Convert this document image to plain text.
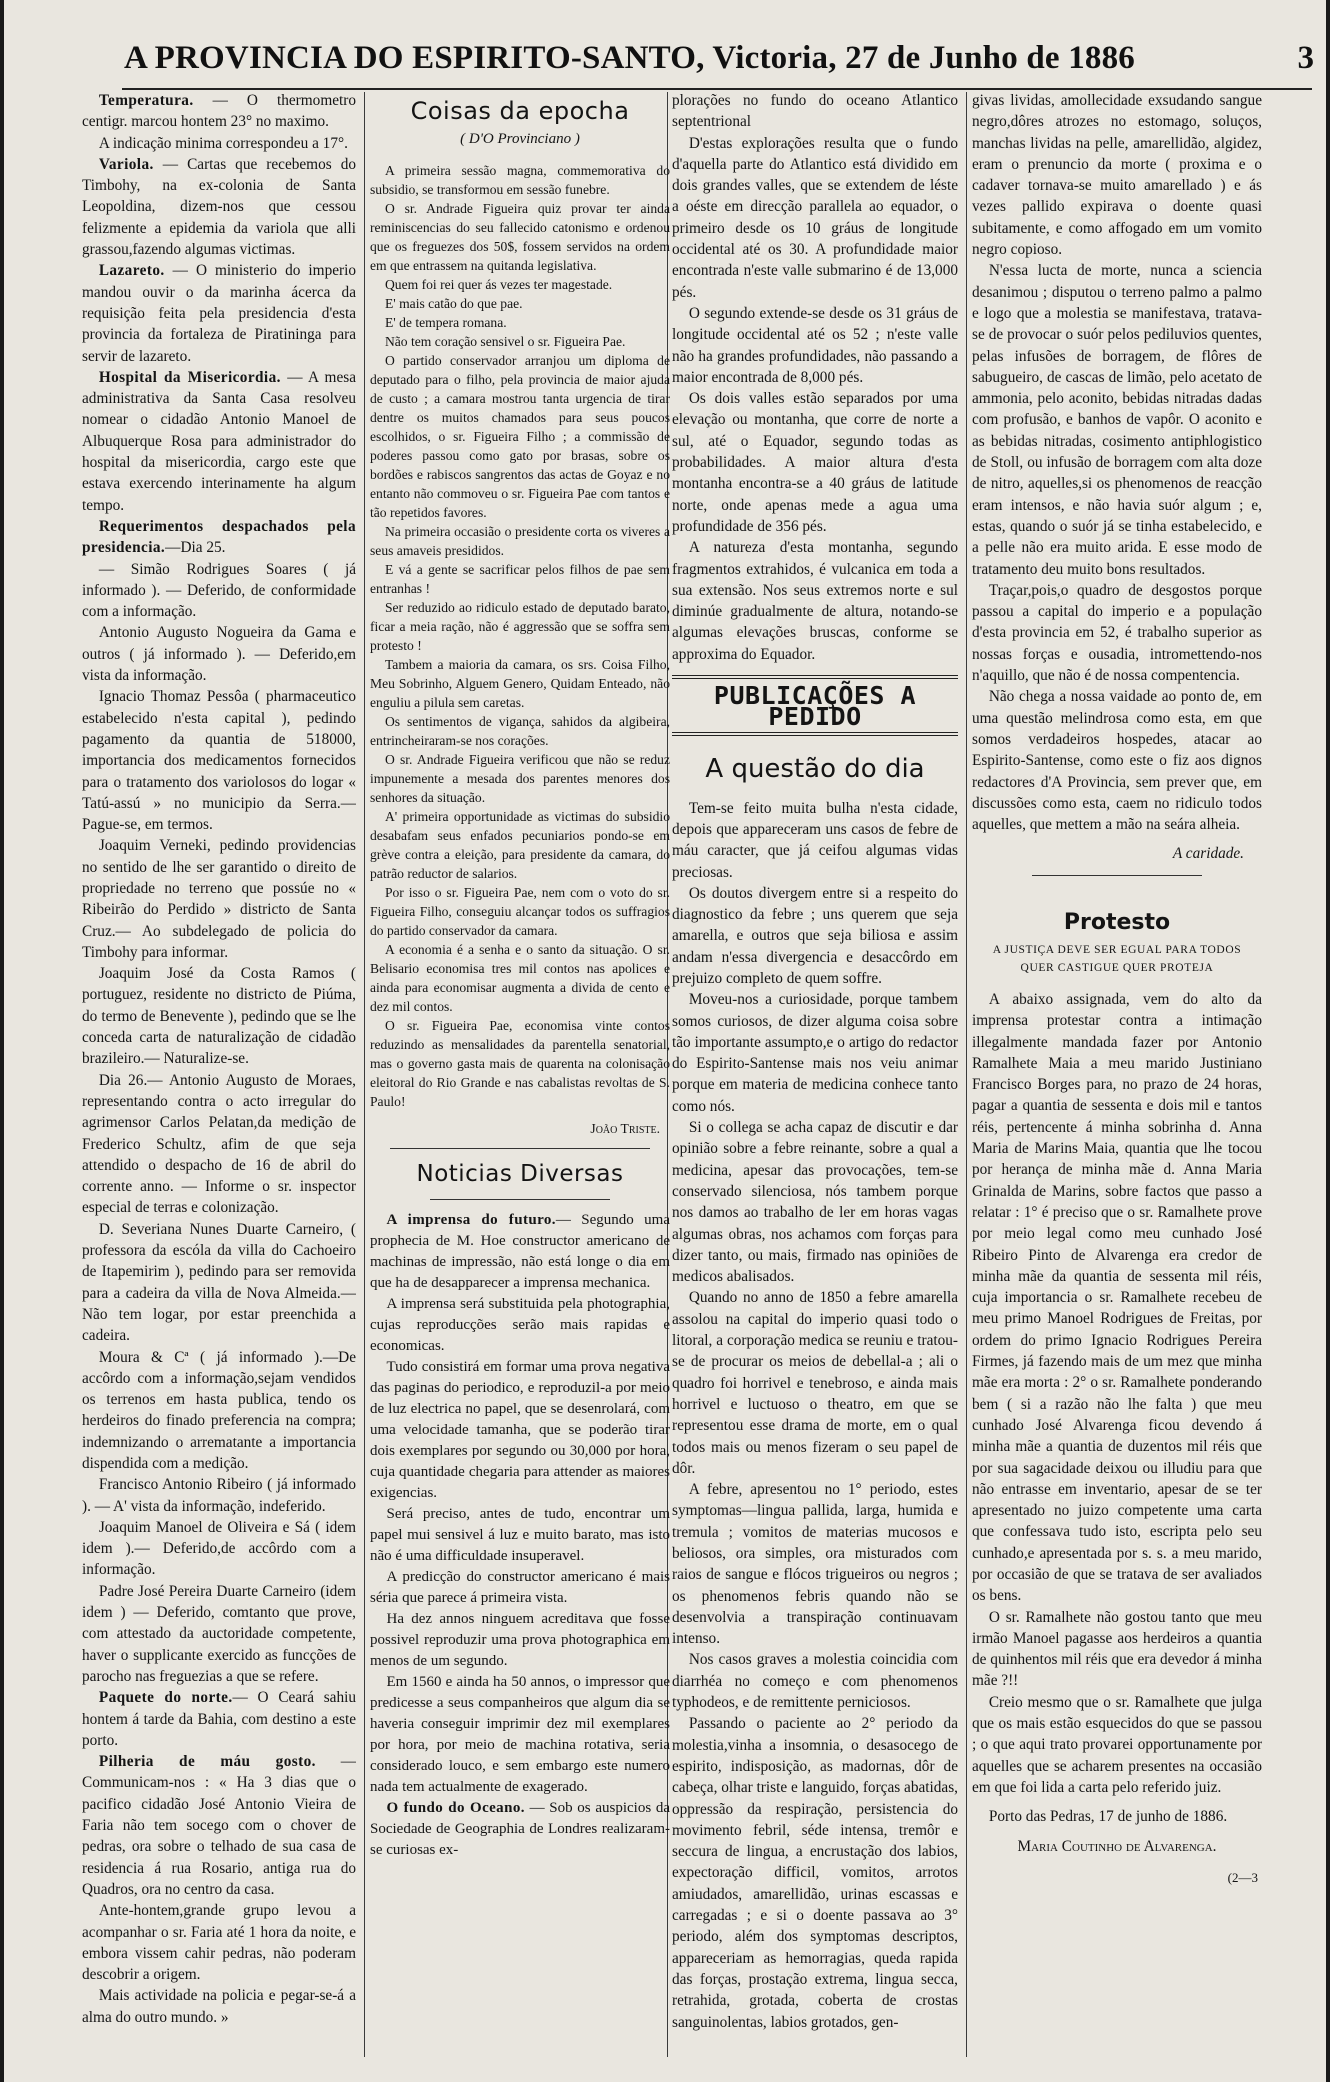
A PROVINCIA DO ESPIRITO-SANTO, Victoria, 27 de Junho de 1886	3

Temperatura. — O thermometro centigr. marcou hontem 23° no maximo.

A indicação minima correspondeu a 17°.

Variola. — Cartas que recebemos do Timbohy, na ex-colonia de Santa Leopoldina, dizem-nos que cessou felizmente a epidemia da variola que alli grassou,fazendo algumas victimas.

Lazareto. — O ministerio do imperio mandou ouvir o da marinha ácerca da requisição feita pela presidencia d'esta provincia da fortaleza de Piratininga para servir de lazareto.

Hospital da Misericordia. — A mesa administrativa da Santa Casa resolveu nomear o cidadão Antonio Manoel de Albuquerque Rosa para administrador do hospital da misericordia, cargo este que estava exercendo interinamente ha algum tempo.

Requerimentos despachados pela presidencia.—Dia 25.

— Simão Rodrigues Soares ( já informado ). — Deferido, de conformidade com a informação.

Antonio Augusto Nogueira da Gama e outros ( já informado ). — Deferido,em vista da informação.

Ignacio Thomaz Pessôa ( pharmaceutico estabelecido n'esta capital ), pedindo pagamento da quantia de 518000, importancia dos medicamentos fornecidos para o tratamento dos variolosos do logar « Tatú-assú » no municipio da Serra.— Pague-se, em termos.

Joaquim Verneki, pedindo providencias no sentido de lhe ser garantido o direito de propriedade no terreno que possúe no « Ribeirão do Perdido » districto de Santa Cruz.— Ao subdelegado de policia do Timbohy para informar.

Joaquim José da Costa Ramos ( portuguez, residente no districto de Piúma, do termo de Benevente ), pedindo que se lhe conceda carta de naturalização de cidadão brazileiro.— Naturalize-se.

Dia 26.— Antonio Augusto de Moraes, representando contra o acto irregular do agrimensor Carlos Pelatan,da medição de Frederico Schultz, afim de que seja attendido o despacho de 16 de abril do corrente anno. — Informe o sr. inspector especial de terras e colonização.

D. Severiana Nunes Duarte Carneiro, ( professora da escóla da villa do Cachoeiro de Itapemirim ), pedindo para ser removida para a cadeira da villa de Nova Almeida.—Não tem logar, por estar preenchida a cadeira.

Moura & Cª ( já informado ).—De accôrdo com a informação,sejam vendidos os terrenos em hasta publica, tendo os herdeiros do finado preferencia na compra; indemnizando o arrematante a importancia dispendida com a medição.

Francisco Antonio Ribeiro ( já informado ). — A' vista da informação, indeferido.

Joaquim Manoel de Oliveira e Sá ( idem idem ).— Deferido,de accôrdo com a informação.

Padre José Pereira Duarte Carneiro (idem idem ) — Deferido, comtanto que prove, com attestado da auctoridade competente, haver o supplicante exercido as funcções de parocho nas freguezias a que se refere.

Paquete do norte.— O Ceará sahiu hontem á tarde da Bahia, com destino a este porto.

Pilheria de máu gosto. — Communicam-nos : « Ha 3 dias que o pacifico cidadão José Antonio Vieira de Faria não tem socego com o chover de pedras, ora sobre o telhado de sua casa de residencia á rua Rosario, antiga rua do Quadros, ora no centro da casa.

Ante-hontem,grande grupo levou a acompanhar o sr. Faria até 1 hora da noite, e embora vissem cahir pedras, não poderam descobrir a origem.

Mais actividade na policia e pegar-se-á a alma do outro mundo. »

Coisas da epocha
( D'O Provinciano )

A primeira sessão magna, commemorativa do subsidio, se transformou em sessão funebre.

O sr. Andrade Figueira quiz provar ter ainda reminiscencias do seu fallecido catonismo e ordenou que os freguezes dos 50$, fossem servidos na ordem em que entrassem na quitanda legislativa.

Quem foi rei quer ás vezes ter magestade.

E' mais catão do que pae.

E' de tempera romana.

Não tem coração sensivel o sr. Figueira Pae.

O partido conservador arranjou um diploma de deputado para o filho, pela provincia de maior ajuda de custo ; a camara mostrou tanta urgencia de tirar dentre os muitos chamados para seus poucos escolhidos, o sr. Figueira Filho ; a commissão de poderes passou como gato por brasas, sobre os bordões e rabiscos sangrentos das actas de Goyaz e no entanto não commoveu o sr. Figueira Pae com tantos e tão repetidos favores.

Na primeira occasião o presidente corta os viveres a seus amaveis presididos.

E vá a gente se sacrificar pelos filhos de pae sem entranhas !

Ser reduzido ao ridiculo estado de deputado barato, ficar a meia ração, não é aggressão que se soffra sem protesto !

Tambem a maioria da camara, os srs. Coisa Filho, Meu Sobrinho, Alguem Genero, Quidam Enteado, não enguliu a pilula sem caretas.

Os sentimentos de vigança, sahidos da algibeira, entrincheiraram-se nos corações.

O sr. Andrade Figueira verificou que não se reduz impunemente a mesada dos parentes menores dos senhores da situação.

A' primeira opportunidade as victimas do subsidio desabafam seus enfados pecuniarios pondo-se em grève contra a eleição, para presidente da camara, do patrão reductor de salarios.

Por isso o sr. Figueira Pae, nem com o voto do sr. Figueira Filho, conseguiu alcançar todos os suffragios do partido conservador da camara.

A economia é a senha e o santo da situação. O sr. Belisario economisa tres mil contos nas apolices e ainda para economisar augmenta a divida de cento e dez mil contos.

O sr. Figueira Pae, economisa vinte contos reduzindo as mensalidades da parentella senatorial, mas o governo gasta mais de quarenta na colonisação eleitoral do Rio Grande e nas cabalistas revoltas de S. Paulo!

João Triste.
Noticias Diversas

A imprensa do futuro.— Segundo uma prophecia de M. Hoe constructor americano de machinas de impressão, não está longe o dia em que ha de desapparecer a imprensa mechanica.

A imprensa será substituida pela photographia, cujas reproducções serão mais rapidas e economicas.

Tudo consistirá em formar uma prova negativa das paginas do periodico, e reproduzil-a por meio de luz electrica no papel, que se desenrolará, com uma velocidade tamanha, que se poderão tirar dois exemplares por segundo ou 30,000 por hora, cuja quantidade chegaria para attender as maiores exigencias.

Será preciso, antes de tudo, encontrar um papel mui sensivel á luz e muito barato, mas isto não é uma difficuldade insuperavel.

A predicção do constructor americano é mais séria que parece á primeira vista.

Ha dez annos ninguem acreditava que fosse possivel reproduzir uma prova photographica em menos de um segundo.

Em 1560 e ainda ha 50 annos, o impressor que predicesse a seus companheiros que algum dia se haveria conseguir imprimir dez mil exemplares por hora, por meio de machina rotativa, seria considerado louco, e sem embargo este numero nada tem actualmente de exagerado.

O fundo do Oceano. — Sob os auspicios da Sociedade de Geographia de Londres realizaram-se curiosas ex-

plorações no fundo do oceano Atlantico septentrional

D'estas explorações resulta que o fundo d'aquella parte do Atlantico está dividido em dois grandes valles, que se extendem de léste a oéste em direcção parallela ao equador, o primeiro desde os 10 gráus de longitude occidental até os 30. A profundidade maior encontrada n'este valle submarino é de 13,000 pés.

O segundo extende-se desde os 31 gráus de longitude occidental até os 52 ; n'este valle não ha grandes profundidades, não passando a maior encontrada de 8,000 pés.

Os dois valles estão separados por uma elevação ou montanha, que corre de norte a sul, até o Equador, segundo todas as probabilidades. A maior altura d'esta montanha encontra-se a 40 gráus de latitude norte, onde apenas mede a agua uma profundidade de 356 pés.

A natureza d'esta montanha, segundo fragmentos extrahidos, é vulcanica em toda a sua extensão. Nos seus extremos norte e sul diminúe gradualmente de altura, notando-se algumas elevações bruscas, conforme se approxima do Equador.

PUBLICAÇÕES A PEDIDO
A questão do dia

Tem-se feito muita bulha n'esta cidade, depois que appareceram uns casos de febre de máu caracter, que já ceifou algumas vidas preciosas.

Os doutos divergem entre si a respeito do diagnostico da febre ; uns querem que seja amarella, e outros que seja biliosa e assim andam n'essa divergencia e desaccôrdo em prejuizo completo de quem soffre.

Moveu-nos a curiosidade, porque tambem somos curiosos, de dizer alguma coisa sobre tão importante assumpto,e o artigo do redactor do Espirito-Santense mais nos veiu animar porque em materia de medicina conhece tanto como nós.

Si o collega se acha capaz de discutir e dar opinião sobre a febre reinante, sobre a qual a medicina, apesar das provocações, tem-se conservado silenciosa, nós tambem porque nos damos ao trabalho de ler em horas vagas algumas obras, nos achamos com forças para dizer tanto, ou mais, firmado nas opiniões de medicos abalisados.

Quando no anno de 1850 a febre amarella assolou na capital do imperio quasi todo o litoral, a corporação medica se reuniu e tratou-se de procurar os meios de debellal-a ; ali o quadro foi horrivel e tenebroso, e ainda mais horrivel e luctuoso o theatro, em que se representou esse drama de morte, em o qual todos mais ou menos fizeram o seu papel de dôr.

A febre, apresentou no 1° periodo, estes symptomas—lingua pallida, larga, humida e tremula ; vomitos de materias mucosos e beliosos, ora simples, ora misturados com raios de sangue e flócos trigueiros ou negros ; os phenomenos febris quando não se desenvolvia a transpiração continuavam intenso.

Nos casos graves a molestia coincidia com diarrhéa no começo e com phenomenos typhodeos, e de remittente perniciosos.

Passando o paciente ao 2° periodo da molestia,vinha a insomnia, o desasocego de espirito, indisposição, as madornas, dôr de cabeça, olhar triste e languido, forças abatidas, oppressão da respiração, persistencia do movimento febril, séde intensa, tremôr e seccura de lingua, a encrustação dos labios, expectoração difficil, vomitos, arrotos amiudados, amarellidão, urinas escassas e carregadas ; e si o doente passava ao 3° periodo, além dos symptomas descriptos, appareceriam as hemorragias, queda rapida das forças, prostação extrema, lingua secca, retrahida, grotada, coberta de crostas sanguinolentas, labios grotados, gen-

givas lividas, amollecidade exsudando sangue negro,dôres atrozes no estomago, soluços, manchas lividas na pelle, amarellidão, algidez, eram o prenuncio da morte ( proxima e o cadaver tornava-se muito amarellado ) e ás vezes pallido expirava o doente quasi subitamente, e como affogado em um vomito negro copioso.

N'essa lucta de morte, nunca a sciencia desanimou ; disputou o terreno palmo a palmo e logo que a molestia se manifestava, tratava-se de provocar o suór pelos pediluvios quentes, pelas infusões de borragem, de flôres de sabugueiro, de cascas de limão, pelo acetato de ammonia, pelo aconito, bebidas nitradas dadas com profusão, e banhos de vapôr. O aconito e as bebidas nitradas, cosimento antiphlogistico de Stoll, ou infusão de borragem com alta doze de nitro, aquelles,si os phenomenos de reacção eram intensos, e não havia suór algum ; e, estas, quando o suór já se tinha estabelecido, e a pelle não era muito arida. E esse modo de tratamento deu muito bons resultados.

Traçar,pois,o quadro de desgostos porque passou a capital do imperio e a população d'esta provincia em 52, é trabalho superior as nossas forças e ousadia, intromettendo-nos n'aquillo, que não é de nossa compentencia.

Não chega a nossa vaidade ao ponto de, em uma questão melindrosa como esta, em que somos verdadeiros hospedes, atacar ao Espirito-Santense, como este o fiz aos dignos redactores d'A Provincia, sem prever que, em discussões como esta, caem no ridiculo todos aquelles, que mettem a mão na seára alheia.

A caridade.
Protesto
A JUSTIÇA DEVE SER EGUAL PARA TODOS
QUER CASTIGUE QUER PROTEJA

A abaixo assignada, vem do alto da imprensa protestar contra a intimação illegalmente mandada fazer por Antonio Ramalhete Maia a meu marido Justiniano Francisco Borges para, no prazo de 24 horas, pagar a quantia de sessenta e dois mil e tantos réis, pertencente á minha sobrinha d. Anna Maria de Marins Maia, quantia que lhe tocou por herança de minha mãe d. Anna Maria Grinalda de Marins, sobre factos que passo a relatar : 1° é preciso que o sr. Ramalhete prove por meio legal como meu cunhado José Ribeiro Pinto de Alvarenga era credor de minha mãe da quantia de sessenta mil réis, cuja importancia o sr. Ramalhete recebeu de meu primo Manoel Rodrigues de Freitas, por ordem do primo Ignacio Rodrigues Pereira Firmes, já fazendo mais de um mez que minha mãe era morta : 2° o sr. Ramalhete ponderando bem ( si a razão não lhe falta ) que meu cunhado José Alvarenga ficou devendo á minha mãe a quantia de duzentos mil réis que por sua sagacidade deixou ou illudiu para que não entrasse em inventario, apesar de se ter apresentado no juizo competente uma carta que confessava tudo isto, escripta pelo seu cunhado,e apresentada por s. s. a meu marido, por occasião de que se tratava de ser avaliados os bens.

O sr. Ramalhete não gostou tanto que meu irmão Manoel pagasse aos herdeiros a quantia de quinhentos mil réis que era devedor á minha mãe ?!!

Creio mesmo que o sr. Ramalhete que julga que os mais estão esquecidos do que se passou ; o que aqui trato provarei opportunamente por aquelles que se acharem presentes na occasião em que foi lida a carta pelo referido juiz.

Porto das Pedras, 17 de junho de 1886.

Maria Coutinho de Alvarenga.
(2—3
